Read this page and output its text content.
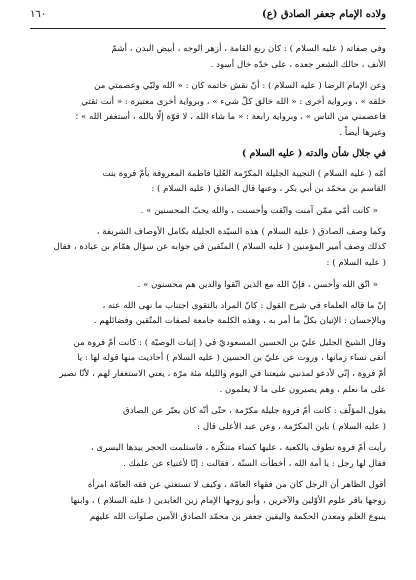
ولاده الإمام جعفر الصادق (ع)
١٦٠
وفي صفاته ( عليه السلام ) : كان ربع القامة ، أزهر الوجه ، أبيض البدن ، أشمّ
الأنف ، حالك الشعر جعده ، على خدّه خال أسود .
وعن الإمام الرضا ( عليه السلام ) : أنّ نقش خاتمه كان : « الله وليّي وعصمتي من
خلقه » ، وبرواية أخرى : « الله خالق كلّ شيء » ، وبرواية أخرى معتبرة : « أنت ثقتي
فاعصمني من الناس » ، وبرواية رابعة : « ما شاء الله ، لا قوّة إلّا بالله ، أستغفر الله » ؛
وغيرها أيضاً .
في جلال شأن والدته ( عليه السلام )
أمّه ( عليه السلام ) النجيبة الجليلة المكرّمة العُليا فاطمة المعروفة بأمّ فروة بنت
القاسم بن محمّد بن أبي بكر ، وعنها قال الصادق ( عليه السلام ) :
« كانت أمّي ممّن آمنت واتّقت وأحسنت ، والله يحبّ المحسنين » .
وكما وصف الصادق ( عليه السلام ) هذه السيّدة الجليلة بكامل الأوصاف الشريفة ،
كذلك وصف أمير المؤمنين ( عليه السلام ) المتّقين في جوابه عن سؤال همّام بن عبادة ، فقال
( عليه السلام ) :
« اتّق الله وأحسن ، فإنّ الله مع الذين اتّقوا والذين هم محسنون » .
إنّ ما قاله العلماء في شرح القول : كانّ المراد بالتقوى اجتناب ما نهى الله عنه ،
وبالإحسان : الإتيان بكلّ ما أمر به ، وهذه الكلمة جامعة لصفات المتّقين وفضائلهم .
وقال الشيخ الجليل عليّ بن الحسين المسعوديّ في ( إثبات الوصيّة ) : كانت أمّ فروة من
أتقى نساء زمانها ، وروت عن عليّ بن الحسين ( عليه السلام ) أحاديث منها قوله لها : يا
أمّ فروة ، إنّي لأدعو لمذنبي شيعتنا في اليوم والليلة مئة مرّة ، يعني الاستغفار لهم ، لأنّا نصبر
على ما نعلم ، وهم يصبرون على ما لا يعلمون .
يقول المؤلّف : كانت أمّ فروة جليلة مكرّمة ، حتّى أنّه كان يعبّر عن الصادق
( عليه السلام ) بابن المكرّمة ، وعن عبد الأعلى قال :
رأيت أمّ فروة تطوف بالكعبة ، عليها كساء متنكّرة ، فاستلمت الحجر بيدها اليسرى ،
فقال لها رجل : يا أمة الله ، أخطأت السنّة ، فقالت : إنّا لأغنياء عن علمك .
أقول الظاهر أن الرجل كان من فقهاء العامّة ، وكيف لا تستغني عن فقه العامّة امرأة
زوجها باقر علوم الأوّلين والآخرين ، وأبو زوجها الإمام زين العابدين ( عليه السلام ) ، وابنها
ينبوع العلم ومعدن الحكمة واليقين جعفر بن محمّد الصادق الأمين صلوات الله عليهم
